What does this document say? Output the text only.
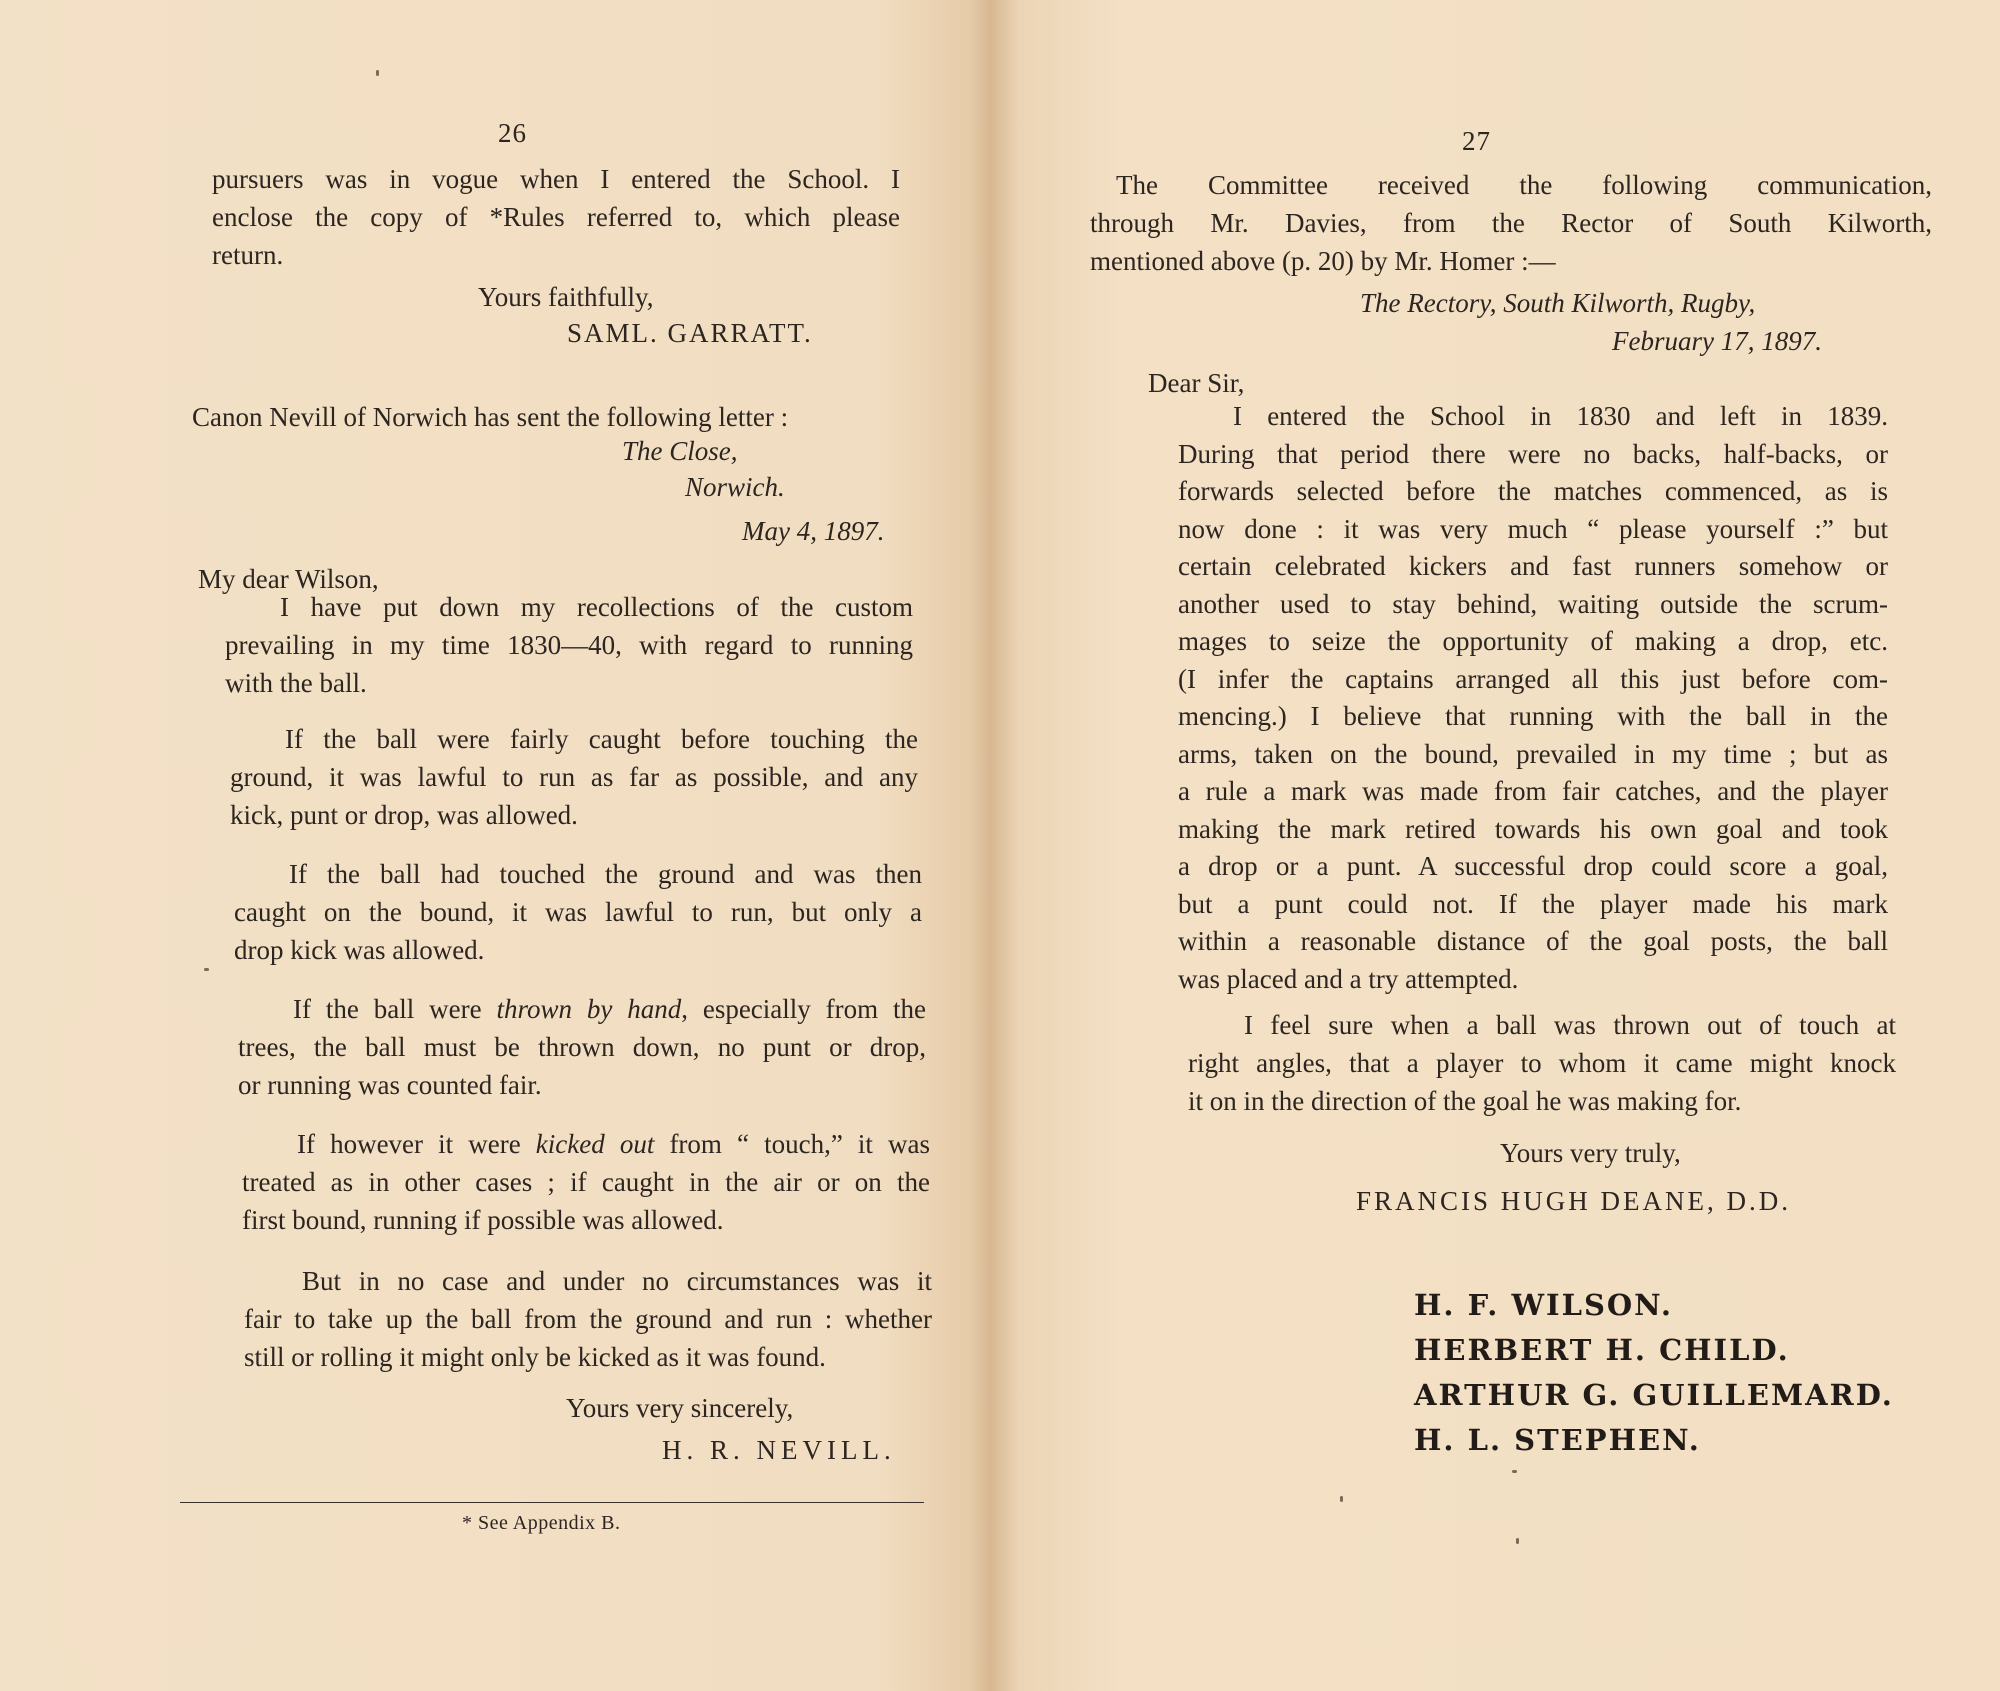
26
pursuers was in vogue when I entered the School. I
enclose the copy of *Rules referred to, which please
return.
Yours faithfully,
SAML. GARRATT.
Canon Nevill of Norwich has sent the following letter :
The Close,
Norwich.
May 4, 1897.
My dear Wilson,
I have put down my recollections of the custom
prevailing in my time 1830—40, with regard to running
with the ball.
If the ball were fairly caught before touching the
ground, it was lawful to run as far as possible, and any
kick, punt or drop, was allowed.
If the ball had touched the ground and was then
caught on the bound, it was lawful to run, but only a
drop kick was allowed.
If the ball were thrown by hand, especially from the
trees, the ball must be thrown down, no punt or drop,
or running was counted fair.
If however it were kicked out from “ touch,” it was
treated as in other cases ; if caught in the air or on the
first bound, running if possible was allowed.
But in no case and under no circumstances was it
fair to take up the ball from the ground and run : whether
still or rolling it might only be kicked as it was found.
Yours very sincerely,
H. R. NEVILL.
* See Appendix B.
27
The Committee received the following communication,
through Mr. Davies, from the Rector of South Kilworth,
mentioned above (p. 20) by Mr. Homer :—
The Rectory, South Kilworth, Rugby,
February 17, 1897.
Dear Sir,
I entered the School in 1830 and left in 1839.
During that period there were no backs, half-backs, or
forwards selected before the matches commenced, as is
now done : it was very much “ please yourself :” but
certain celebrated kickers and fast runners somehow or
another used to stay behind, waiting outside the scrum-
mages to seize the opportunity of making a drop, etc.
(I infer the captains arranged all this just before com-
mencing.) I believe that running with the ball in the
arms, taken on the bound, prevailed in my time ; but as
a rule a mark was made from fair catches, and the player
making the mark retired towards his own goal and took
a drop or a punt. A successful drop could score a goal,
but a punt could not. If the player made his mark
within a reasonable distance of the goal posts, the ball
was placed and a try attempted.
I feel sure when a ball was thrown out of touch at
right angles, that a player to whom it came might knock
it on in the direction of the goal he was making for.
Yours very truly,
FRANCIS HUGH DEANE, D.D.
H. F. WILSON.
HERBERT H. CHILD.
ARTHUR G. GUILLEMARD.
H. L. STEPHEN.
